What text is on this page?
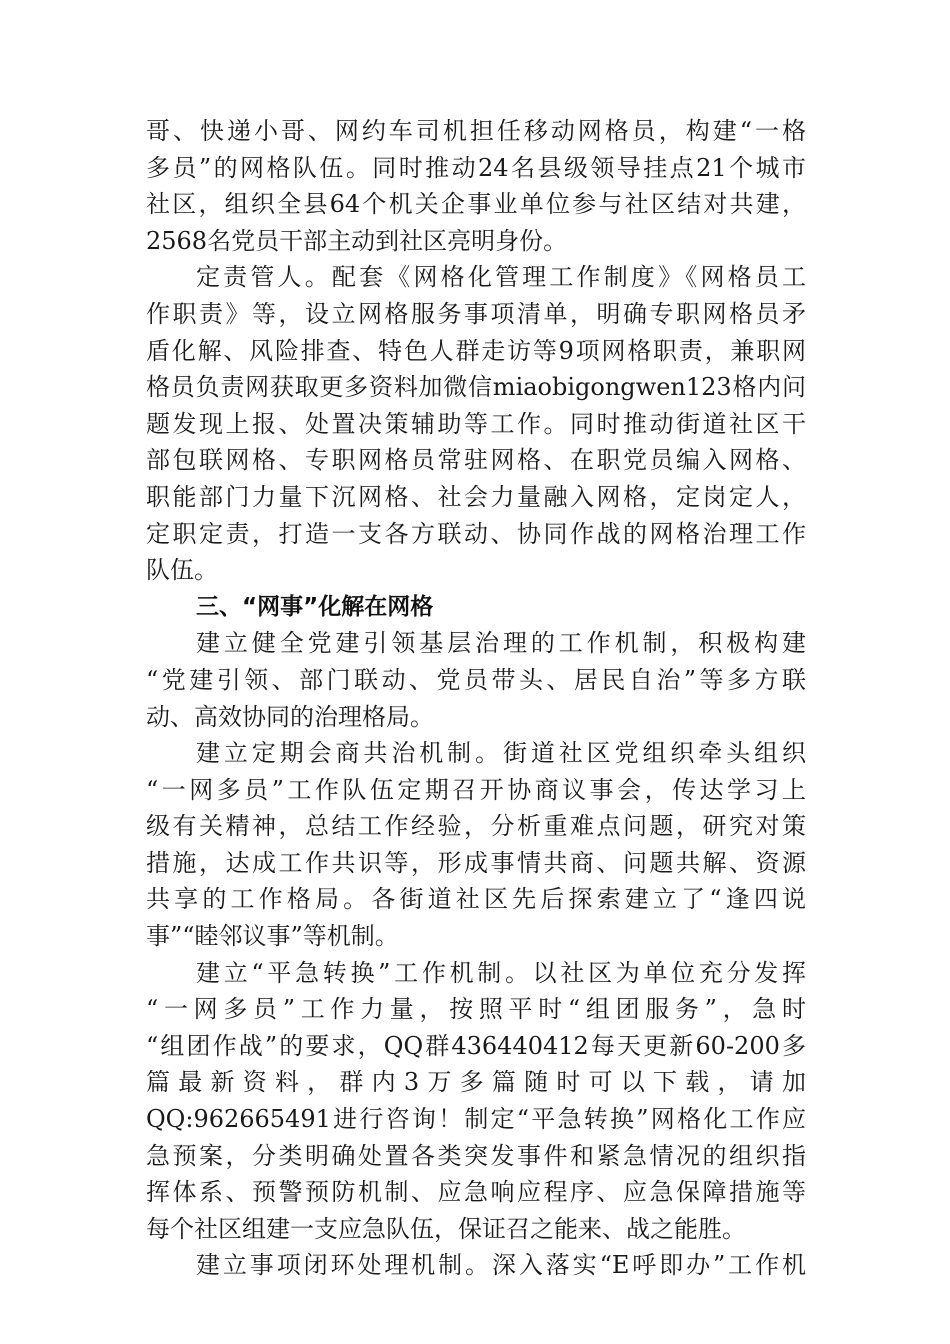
哥、快递小哥、网约车司机担任移动网格员，构建“一格
多员”的网格队伍。同时推动24名县级领导挂点21个城市
社区，组织全县64个机关企事业单位参与社区结对共建，
2568名党员干部主动到社区亮明身份。
定责管人。配套《网格化管理工作制度》《网格员工
作职责》等，设立网格服务事项清单，明确专职网格员矛
盾化解、风险排查、特色人群走访等9项网格职责，兼职网
格员负责网获取更多资料加微信miaobigongwen123格内问
题发现上报、处置决策辅助等工作。同时推动街道社区干
部包联网格、专职网格员常驻网格、在职党员编入网格、
职能部门力量下沉网格、社会力量融入网格，定岗定人，
定职定责，打造一支各方联动、协同作战的网格治理工作
队伍。
三、“网事”化解在网格
建立健全党建引领基层治理的工作机制，积极构建
“党建引领、部门联动、党员带头、居民自治”等多方联
动、高效协同的治理格局。
建立定期会商共治机制。街道社区党组织牵头组织
“一网多员”工作队伍定期召开协商议事会，传达学习上
级有关精神，总结工作经验，分析重难点问题，研究对策
措施，达成工作共识等，形成事情共商、问题共解、资源
共享的工作格局。各街道社区先后探索建立了“逢四说
事”“睦邻议事”等机制。
建立“平急转换”工作机制。以社区为单位充分发挥
“一网多员”工作力量，按照平时“组团服务”，急时
“组团作战”的要求，QQ群436440412每天更新60-200多
篇最新资料，群内3万多篇随时可以下载，请加
QQ:962665491进行咨询！制定“平急转换”网格化工作应
急预案，分类明确处置各类突发事件和紧急情况的组织指
挥体系、预警预防机制、应急响应程序、应急保障措施等
每个社区组建一支应急队伍，保证召之能来、战之能胜。
建立事项闭环处理机制。深入落实“E呼即办”工作机
